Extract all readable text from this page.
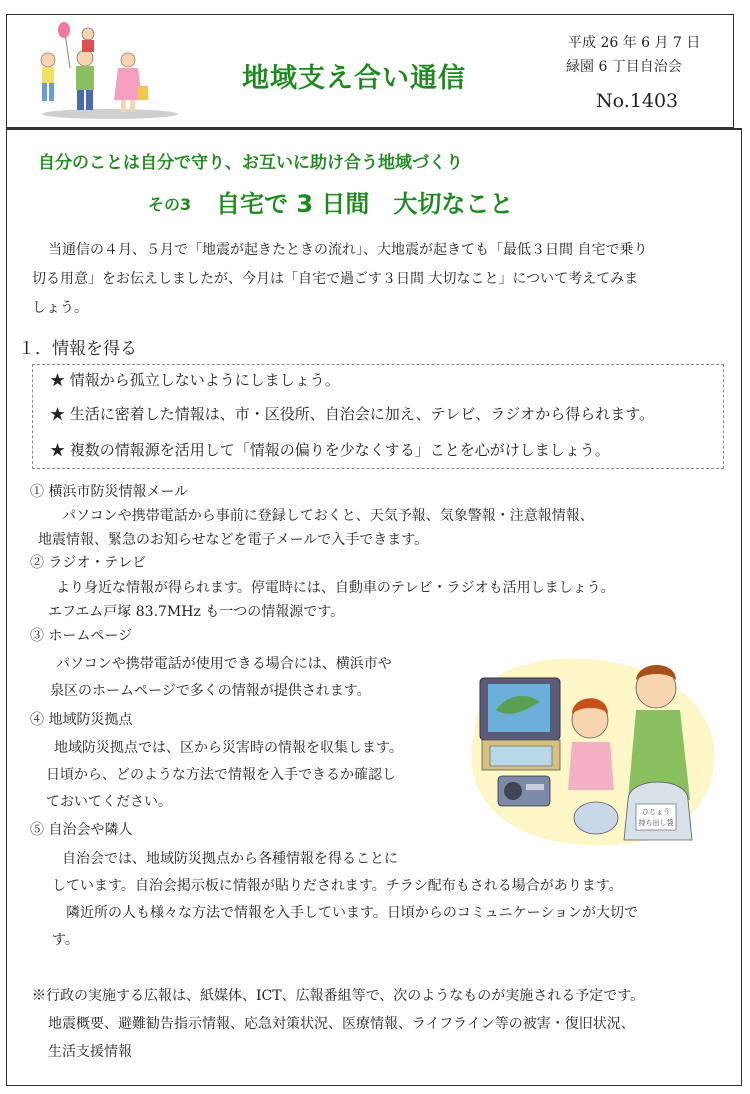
地域支え合い通信
平成 26 年 6 月 7 日
緑園 6 丁目自治会
No.1403
自分のことは自分で守り、お互いに助け合う地域づくり
その3 自宅で 3 日間　大切なこと
当通信の４月、５月で「地震が起きたときの流れ」、大地震が起きても「最低３日間 自宅で乗り
切る用意」をお伝えしましたが、今月は「自宅で過ごす３日間 大切なこと」について考えてみま
しょう。
１．情報を得る
★ 情報から孤立しないようにしましょう。
★ 生活に密着した情報は、市・区役所、自治会に加え、テレビ、ラジオから得られます。
★ 複数の情報源を活用して「情報の偏りを少なくする」ことを心がけしましょう。
① 横浜市防災情報メール
パソコンや携帯電話から事前に登録しておくと、天気予報、気象警報・注意報情報、
地震情報、緊急のお知らせなどを電子メールで入手できます。
② ラジオ・テレビ
より身近な情報が得られます。停電時には、自動車のテレビ・ラジオも活用しましょう。
エフエム戸塚 83.7MHz も一つの情報源です。
③ ホームページ
パソコンや携帯電話が使用できる場合には、横浜市や
泉区のホームページで多くの情報が提供されます。
④ 地域防災拠点
地域防災拠点では、区から災害時の情報を収集します。
日頃から、どのような方法で情報を入手できるか確認し
ておいてください。
⑤ 自治会や隣人
自治会では、地域防災拠点から各種情報を得ることに
しています。自治会掲示板に情報が貼りだされます。チラシ配布もされる場合があります。
隣近所の人も様々な方法で情報を入手しています。日頃からのコミュニケーションが大切で
す。
※行政の実施する広報は、紙媒体、ICT、広報番組等で、次のようなものが実施される予定です。
地震概要、避難勧告指示情報、応急対策状況、医療情報、ライフライン等の被害・復旧状況、
生活支援情報
ひじょう
持ち出し袋
